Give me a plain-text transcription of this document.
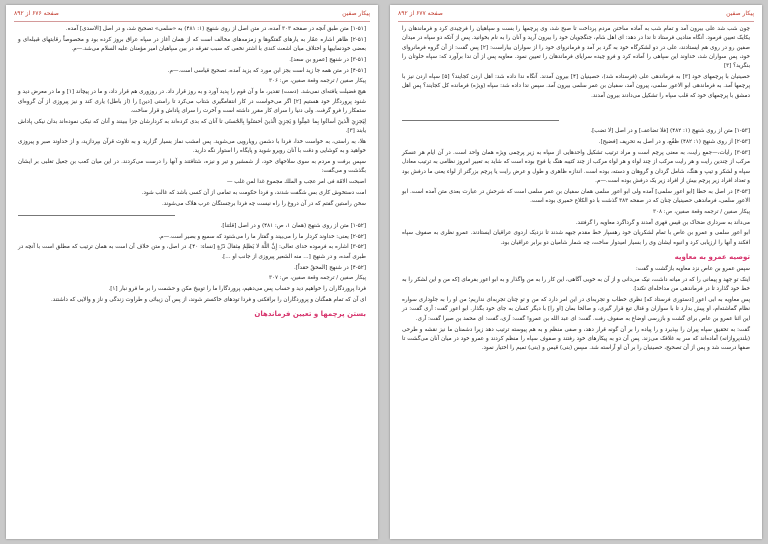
پیکار صفین
صفحه ۶۷۶ از ۸۹۲

[۱-۵۱] متن طبق آنچه در صفحه ۳۰۳ آمده، در متن اصل از روی شنهج (۱: ۴۸۱) به «سلمی» تصحیح شد، و در اصل [الاسدی] آمده.

[۲-۵۱] ظاهر اشاره عمّار به یارهای گفتگوها و زمزمه‌های مخالف است که از همان آغاز در سپاه عراق بروز کرده بود و مخصوصاً رقابتهای قبیله‌ای و بعضی خودنماییها و اختلاف میان اشعث کندی با اشتر نخعی که سبب تفرقه در بین سپاهیان امیر مؤمنان علیه السلام می‌شد.—م.

[۳-۵۱] در شنهج [عمرو بن سعد].

[۴-۵۱] در متن همه جا زید است بجز این مورد که یزید آمده، تصحیح قیاسی است.—م.

پیکار صفین / ترجمه وقعة صفین، ص: ۳۰۶

هیچ فضیلت یافته‌ای نمی‌شد. (دست) تقدیر، ما و آن قوم را پدید آورد و به روز قرار داد. در روزوری هم قرار داد، و ما در پیچاند [۱] و ما در معرض دید و شنود پروردگار خود هستیم [۲] اگر می‌خواست در کار انتقامگیری شتاب می‌کرد تا راستی [دین] را (از باطل) یاری کند و نیز پیروزی از آن گروه‌ای ستمکار را فرو گرفت. ولی دنیا را سرای کار مقرر داشته است و آخرت را سرای پاداش و قرار ساخت.

لِيَجزِيَ الّذينَ أساءُوا بِما عَمِلُوا وَ يَجزِيَ الّذينَ أحسَنُوا بِالحُسنَى تا آنان که بدی کرده‌اند به کردارشان جزا ببینند و آنان که نیکی نموده‌اند بدان نیکی پاداش یابند [۳].

هلا، به راستی، به خواست خدا، فردا با دشمن رویارویی می‌شوید. پس امشب نماز بسیار گزارید و به تلاوت قرآن بپردازید، و از خداوند صبر و پیروزی خواهید و به کوشایی و دقت با آنان رویرو شوید و پایگاه را استوار نگه دارید.

سپس برفت و مردم به سوی سلاحهای خود، از شمشیر و تیر و نیزه، شتافتند و آنها را درست می‌کردند. در این میان کعب بن جعیل تغلبی بر ایشان بگذشت و می‌گفت:

اصبحت الامّة فی امر عجب و الملك مجموع غدا لمن غلب —

امت دستخوش کاری بس شگفت شدند، و فردا حکومت به تمامی از آن کسی باشد که غالب شود.

سخن راستین گفتم که در آن دروغ را راه نیست چه فردا برجستگان عرب هلاک می‌شوند.

[۱-۵۲] متن از روی شنهج (همان ۱، ص: ۴۸۱) و در اصل [قلتنا].

[۲-۵۲] یعنی: خداوند کردار ما را می‌بیند و گفتار ما را می‌شنود که سمیع و بصیر است.—م.

[۳-۵۲] اشاره به فرموده خدای تعالی: إِنَّ اللَّهَ لا يَظلِمُ مِثقالَ ذَرّةٍ [نساء: ۴۰]، در اصل، و متن خلاف آن است به همان ترتیب که مطلق است با آنچه در طبری آمده، و در شنهج [... منه الشعیر پیروزی از جانب او ...].

[۴-۵۲] در شنهج [المحقّ حقداً].

پیکار صفین / ترجمه وقعة صفین، ص: ۳۰۷

فردا پروردگاران را خواهیم دید و حساب پس می‌دهیم، پروردگارا ما را توبیخ مکن و حشمت را بر ما فرو نبار [۱].

ای آن که تمام همگنان و پروردگاران را برافکنی و فردا تودهای خاکستر شوند، از پس آن زیبائی و طراوت زندگی و ناز و والایی که داشتند.

بستن پرچمها و تعیین فرماندهان
پیکار صفین
صفحه ۶۷۷ از ۸۹۲

چون شب شد علی بیرون آمد و تمام شب به آماده ساختن مردم پرداخت تا صبح شد، وی پرچمها را بست و سپاهیان را فرچیدی کرد و فرماندهان را یکایک تعیین فرمود. آنگاه منادیی فرستاد تا ندا در دهد: ای اهل شام، جنگجویان خود را بیرون آرید و آنان را به نام بخوانید. پس از آنکه دو سپاه در میدان صفین رو در روی هم ایستادند، علی در دو لشکرگاه خود به گرد بر آمد و فرمانروای خود را از سواران بیاراست: [۲] پس گفت: از آن گروه فرمانروای خود، پس سواران شد، خداوند این سپاهی را آماده کرد و فرو چیده سرایای فرماندهان را تعیین نمود. معاویه پس از آن ندا برآورد که: سپاه خلوتان را بنگرید؟ [۳]

حصینیان با پرچمهای خود [۳] به فرماندهی علی (فرستاده شد)، حصینیان [۴] بیرون آمدند. آنگاه ندا داده شد: اهل اردن کجایند؟ [۵] سپاه اردن نیز با پرچمها آمد. به فرماندهی ابو الاعور سلمی، پیرون آمد، سفیان بن عمر سلمی بیرون آمد. سپس ندا داده شد: سپاه (ویژه) فرمانده کل کجایند؟ پس اهل دمشق با پرچمهای خود که قلب سپاه را تشکیل می‌دادند بیرون آمدند.

[۱-۵۳] متن از روی شنهج (۱: ۴۸۲) [فلا تضاعف] و در اصل [لا تضب].

[۲-۵۳] از روی شنهج (۱: ۴۸۲) ظفّع، و در اصل به تحریف [فضیح].

[۳-۵۳] رایات،—جمع رایت، به معنی پرچم است و مراد ترتیب تشکیل واحدهایی از سپاه به زیر پرچمی ویژه همان واحد است. در آن ایام هر عسکر مرکب از چندین رایت و هر رایت مرکب از چند لواء و هر لواء مرکب از چند کتیبه هنگ یا فوج بوده است که شاید به تعبیر امروز نظامی به ترتیب معادل سپاه و لشکر و تیپ و هنگ، شامل گردان و گروهان و دسته، بوده است. اندازه ظاهری و طول و عرض رایت یا پرچم بزرگتر از لواء یعنی ما درفش بود و تعداد افراد زیر پرچم بیش از افراد زیر یک درفش بوده است.—م.

[۴-۵۳] در اصل به خطا [ابو اعور سلمی] آمده ولی ابو اعور سلمی همان سفیان بن عمر سلمی است که شرحش در عبارت بعدی متن آمده است. ابو الاعور سلمی، فرماندهی حصینیان چنان که در صفحه ۳۸۳ گذشت با دو الکلاع حمیری بوده است.

پیکار صفین / ترجمه وقعة صفین، ص: ۳۰۸

می‌داند به سرداری ضحاک بن قیس فهری آمدند و گرداگرد معاویه را گرفتند.

ابو اعور سلمی و عمرو بن عاص با تمام لشکریان خود رهسپار خط مقدم جبهه شدند تا نزدیک اردوی عراقیان ایستادند. عمرو نظری به صفوف سپاه افکند و آنها را ارزیابی کرد و انبوه ایشان وی را بسیار امیدوار ساخت، چه شمار شامیان دو برابر عراقیان بود.

توصیه عمرو به معاویه

سپس عمرو بن عاص نزد معاویه بازگشت و گفت:

اینک تو جهد و پیمانی را که در میانه داشت، نیک می‌دانی و از آن به خوبی آگاهی، این کار را به من واگذار و به ابو اعور بفرمای [که من و این لشکر را به خط خود گذارد تا در فرماندهی من مداخله‌ای نکند].

پس معاویه به ابی اعور [دستوری فرستاد که] نظری خطاب و تجربه‌ای در این امر دارد که من و تو چنان تجربه‌ای نداریم؛ من او را به جلوداری سواره نظام گماشته‌ام، او پیش بدارد تا با سواران و قتال تیغ قرار گیری، و صالحا بمان [او را] با دیگر کسان به جای خود بگذار. ابو اعور گفت: آری گفت: در این اثنا عمرو بن عاص برای گشت و بازرسی اوضاع به صفوف رفت. گفت: ای عبد الله بن عمرو! گفت: آری، گفت: ای محمد بن صبرا گفت: آری.

گفت: به تحقیق سپاه پیران را بپذیرد و را پیاده را بر آن گونه قرار دهد، و صفی منظم و به هم پیوسته ترتیب دهد زیرا دشمنان ما نیز نقشه و طرحی (بلندپروازانه) آماده‌اند که سر به غلافک می‌زند. پس آن دو به پیکارهای خود رفتند و صفوف سپاه را منظم کردند و عمرو خود در میان آنان می‌گشت تا صفها درست شد و پس از آن تصحیح، حصینیان را بر آن او آراسته شد. سپس (بنی) قیس و (بنی) تمیم را اختیار نمود.
